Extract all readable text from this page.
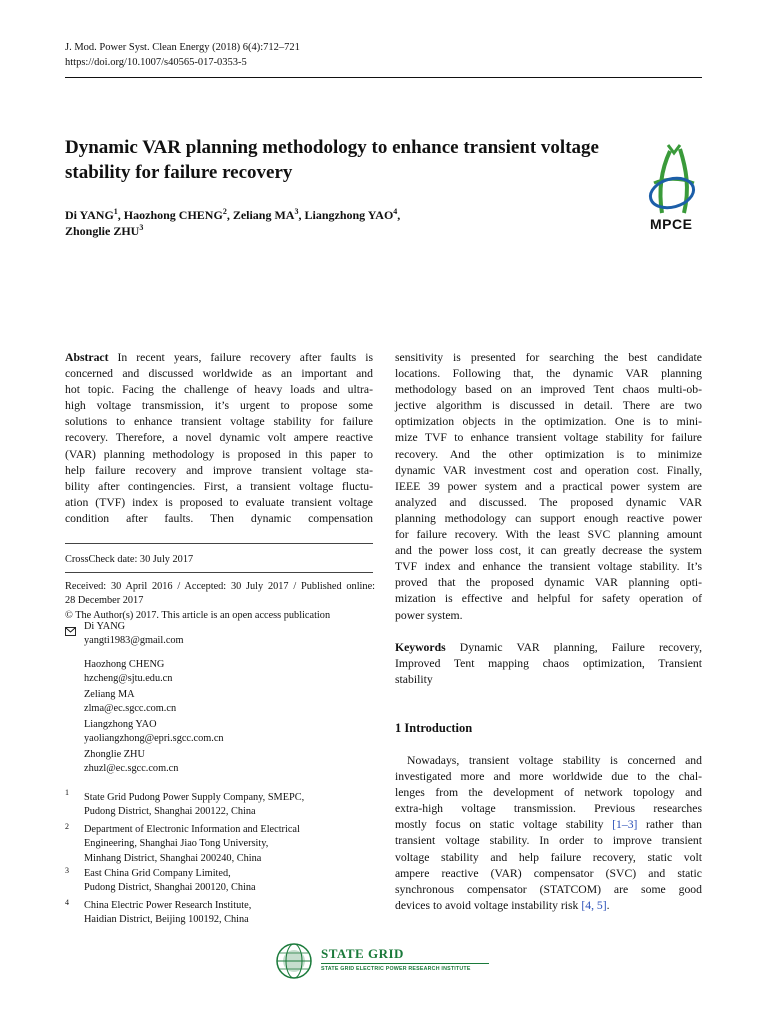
J. Mod. Power Syst. Clean Energy (2018) 6(4):712–721
https://doi.org/10.1007/s40565-017-0353-5
Dynamic VAR planning methodology to enhance transient voltage
stability for failure recovery
Di YANG$^1$, Haozhong CHENG$^2$, Zeliang $MA^3$, Liangzhong YAO$^4$,
Zhonglie ZHU$^3$	MPCE
Abstract In recent years, failure recovery after faults is
concerned and discussed worldwide as an important and
hot topic. Facing the challenge of heavy loads and ultra-
high voltage transmission, it’s urgent to propose some
solutions to enhance transient voltage stability for failure
recovery. Therefore, a novel dynamic volt ampere reactive
(VAR) planning methodology is proposed in this paper to
help failure recovery and improve transient voltage sta-
bility after contingencies. First, a transient voltage fluctu-
ation (TVF) index is proposed to evaluate transient voltage
condition after faults. Then dynamic compensation
CrossCheck date: 30 July 2017
Received: 30 April 2016 / Accepted: 30 July 2017 / Published online:
28 December 2017
© The Author(s) 2017. This article is an open access publication
Di YANG
yangti1983@gmail.com
Haozhong CHENG
hzcheng@sjtu.edu.cn
Zeliang MA
zlma@ec.sgcc.com.cn
Liangzhong YAO
yaoliangzhong@epri.sgcc.com.cn
Zhonglie ZHU
zhuzl@ec.sgcc.com.cn
1 State Grid Pudong Power Supply Company, SMEPC,
Pudong District, Shanghai 200122, China
2 Department of Electronic Information and Electrical
Engineering, Shanghai Jiao Tong University,
Minhang District, Shanghai 200240, China
3 East China Grid Company Limited,
Pudong District, Shanghai 200120, China
4 China Electric Power Research Institute,
Haidian District, Beijing 100192, China
sensitivity is presented for searching the best candidate
locations. Following that, the dynamic VAR planning
methodology based on an improved Tent chaos multi-ob-
jective algorithm is discussed in detail. There are two
optimization objects in the optimization. One is to mini-
mize TVF to enhance transient voltage stability for failure
recovery. And the other optimization is to minimize
dynamic VAR investment cost and operation cost. Finally,
IEEE 39 power system and a practical power system are
analyzed and discussed. The proposed dynamic VAR
planning methodology can support enough reactive power
for failure recovery. With the least SVC planning amount
and the power loss cost, it can greatly decrease the system
TVF index and enhance the transient voltage stability. It’s
proved that the proposed dynamic VAR planning opti-
mization is effective and helpful for safety operation of
power system.
Keywords Dynamic VAR planning, Failure recovery,
Improved Tent mapping chaos optimization, Transient
stability
1 Introduction
Nowadays, transient voltage stability is concerned and
investigated more and more worldwide due to the chal-
lenges from the development of network topology and
extra-high voltage transmission. Previous researches
mostly focus on static voltage stability [1–3] rather than
transient voltage stability. In order to improve transient
voltage stability and help failure recovery, static volt
ampere reactive (VAR) compensator (SVC) and static
synchronous compensator (STATCOM) are some good
devices to avoid voltage instability risk [4, 5].
STATE GRID
STATE GRID ELECTRIC POWER RESEARCH INSTITUTE
